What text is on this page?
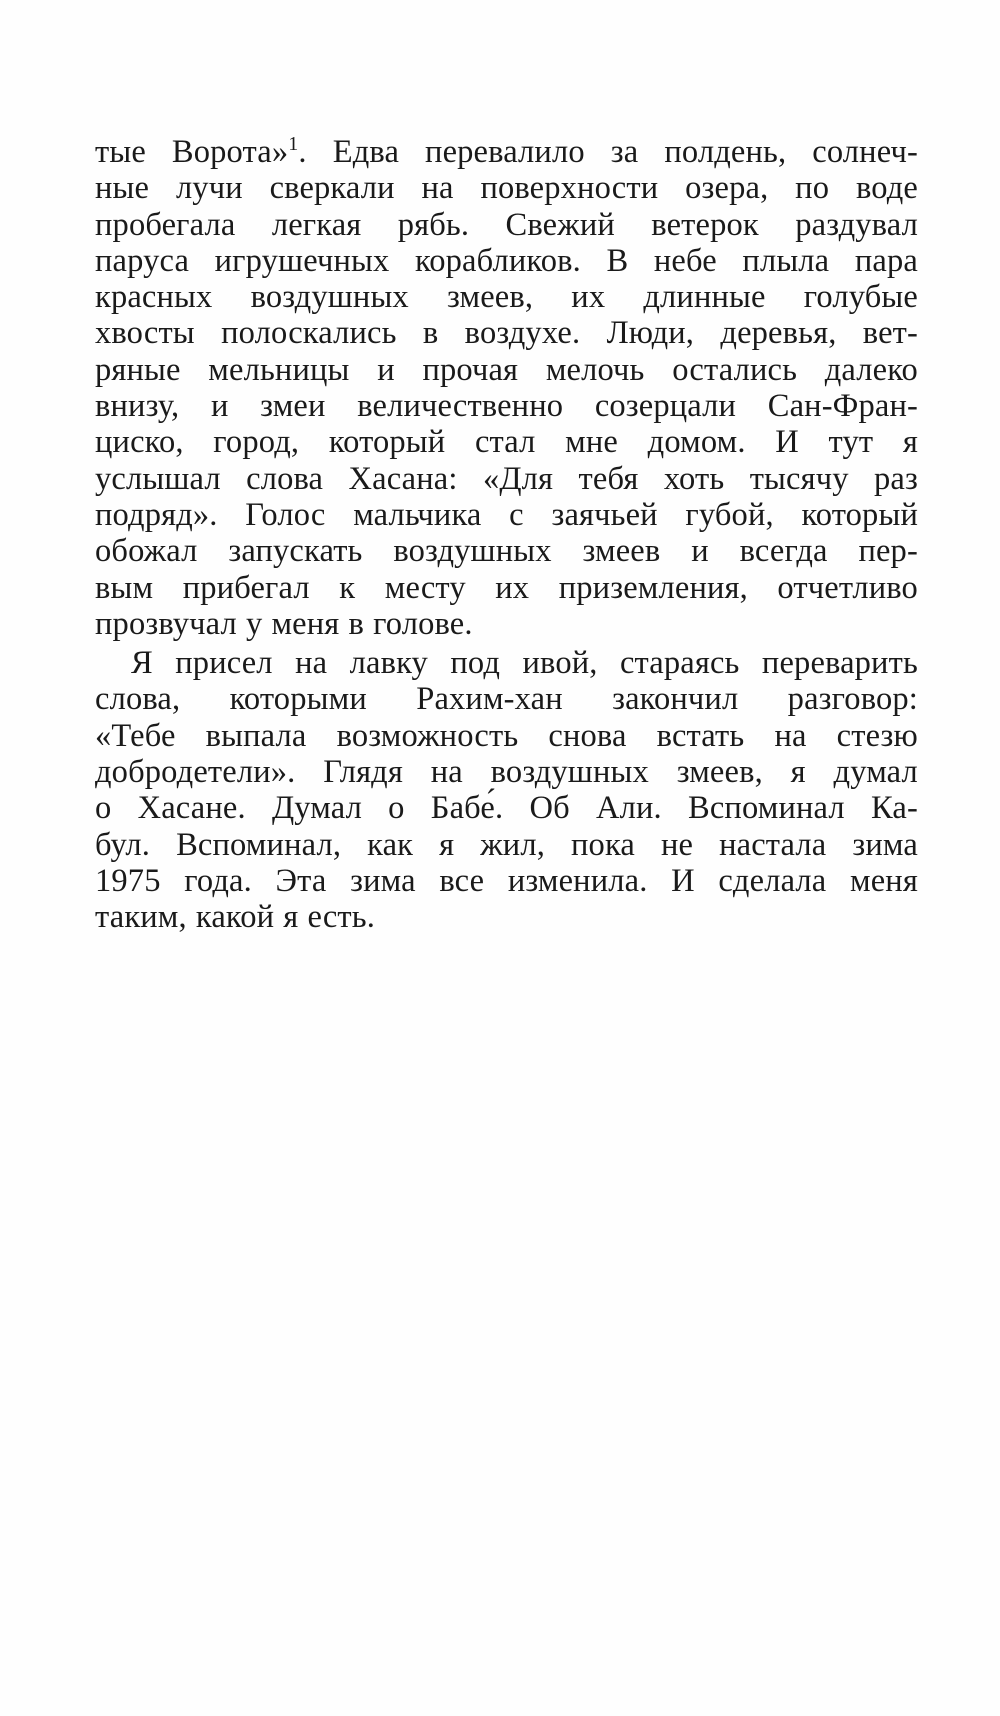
тые Ворота»$^1$. Едва перевалило за полдень, солнеч-
ные лучи сверкали на поверхности озера, по воде
пробегала легкая рябь. Свежий ветерок раздувал
паруса игрушечных корабликов. В небе плыла пара
красных воздушных змеев, их длинные голубые
хвосты полоскались в воздухе. Люди, деревья, вет-
ряные мельницы и прочая мелочь остались далеко
внизу, и змеи величественно созерцали Сан-Фран-
циско, город, который стал мне домом. И тут я
услышал слова Хасана: «Для тебя хоть тысячу раз
подряд». Голос мальчика с заячьей губой, который
обожал запускать воздушных змеев и всегда пер-
вым прибегал к месту их приземления, отчетливо
прозвучал у меня в голове.
Я присел на лавку под ивой, стараясь переварить
слова, которыми Рахим-хан закончил разговор:
«Тебе выпала возможность снова встать на стезю
добродетели». Глядя на воздушных змеев, я думал
о Хасане. Думал о Бабе́. Об Али. Вспоминал Ка-
бул. Вспоминал, как я жил, пока не настала зима
1975 года. Эта зима все изменила. И сделала меня
таким, какой я есть.
